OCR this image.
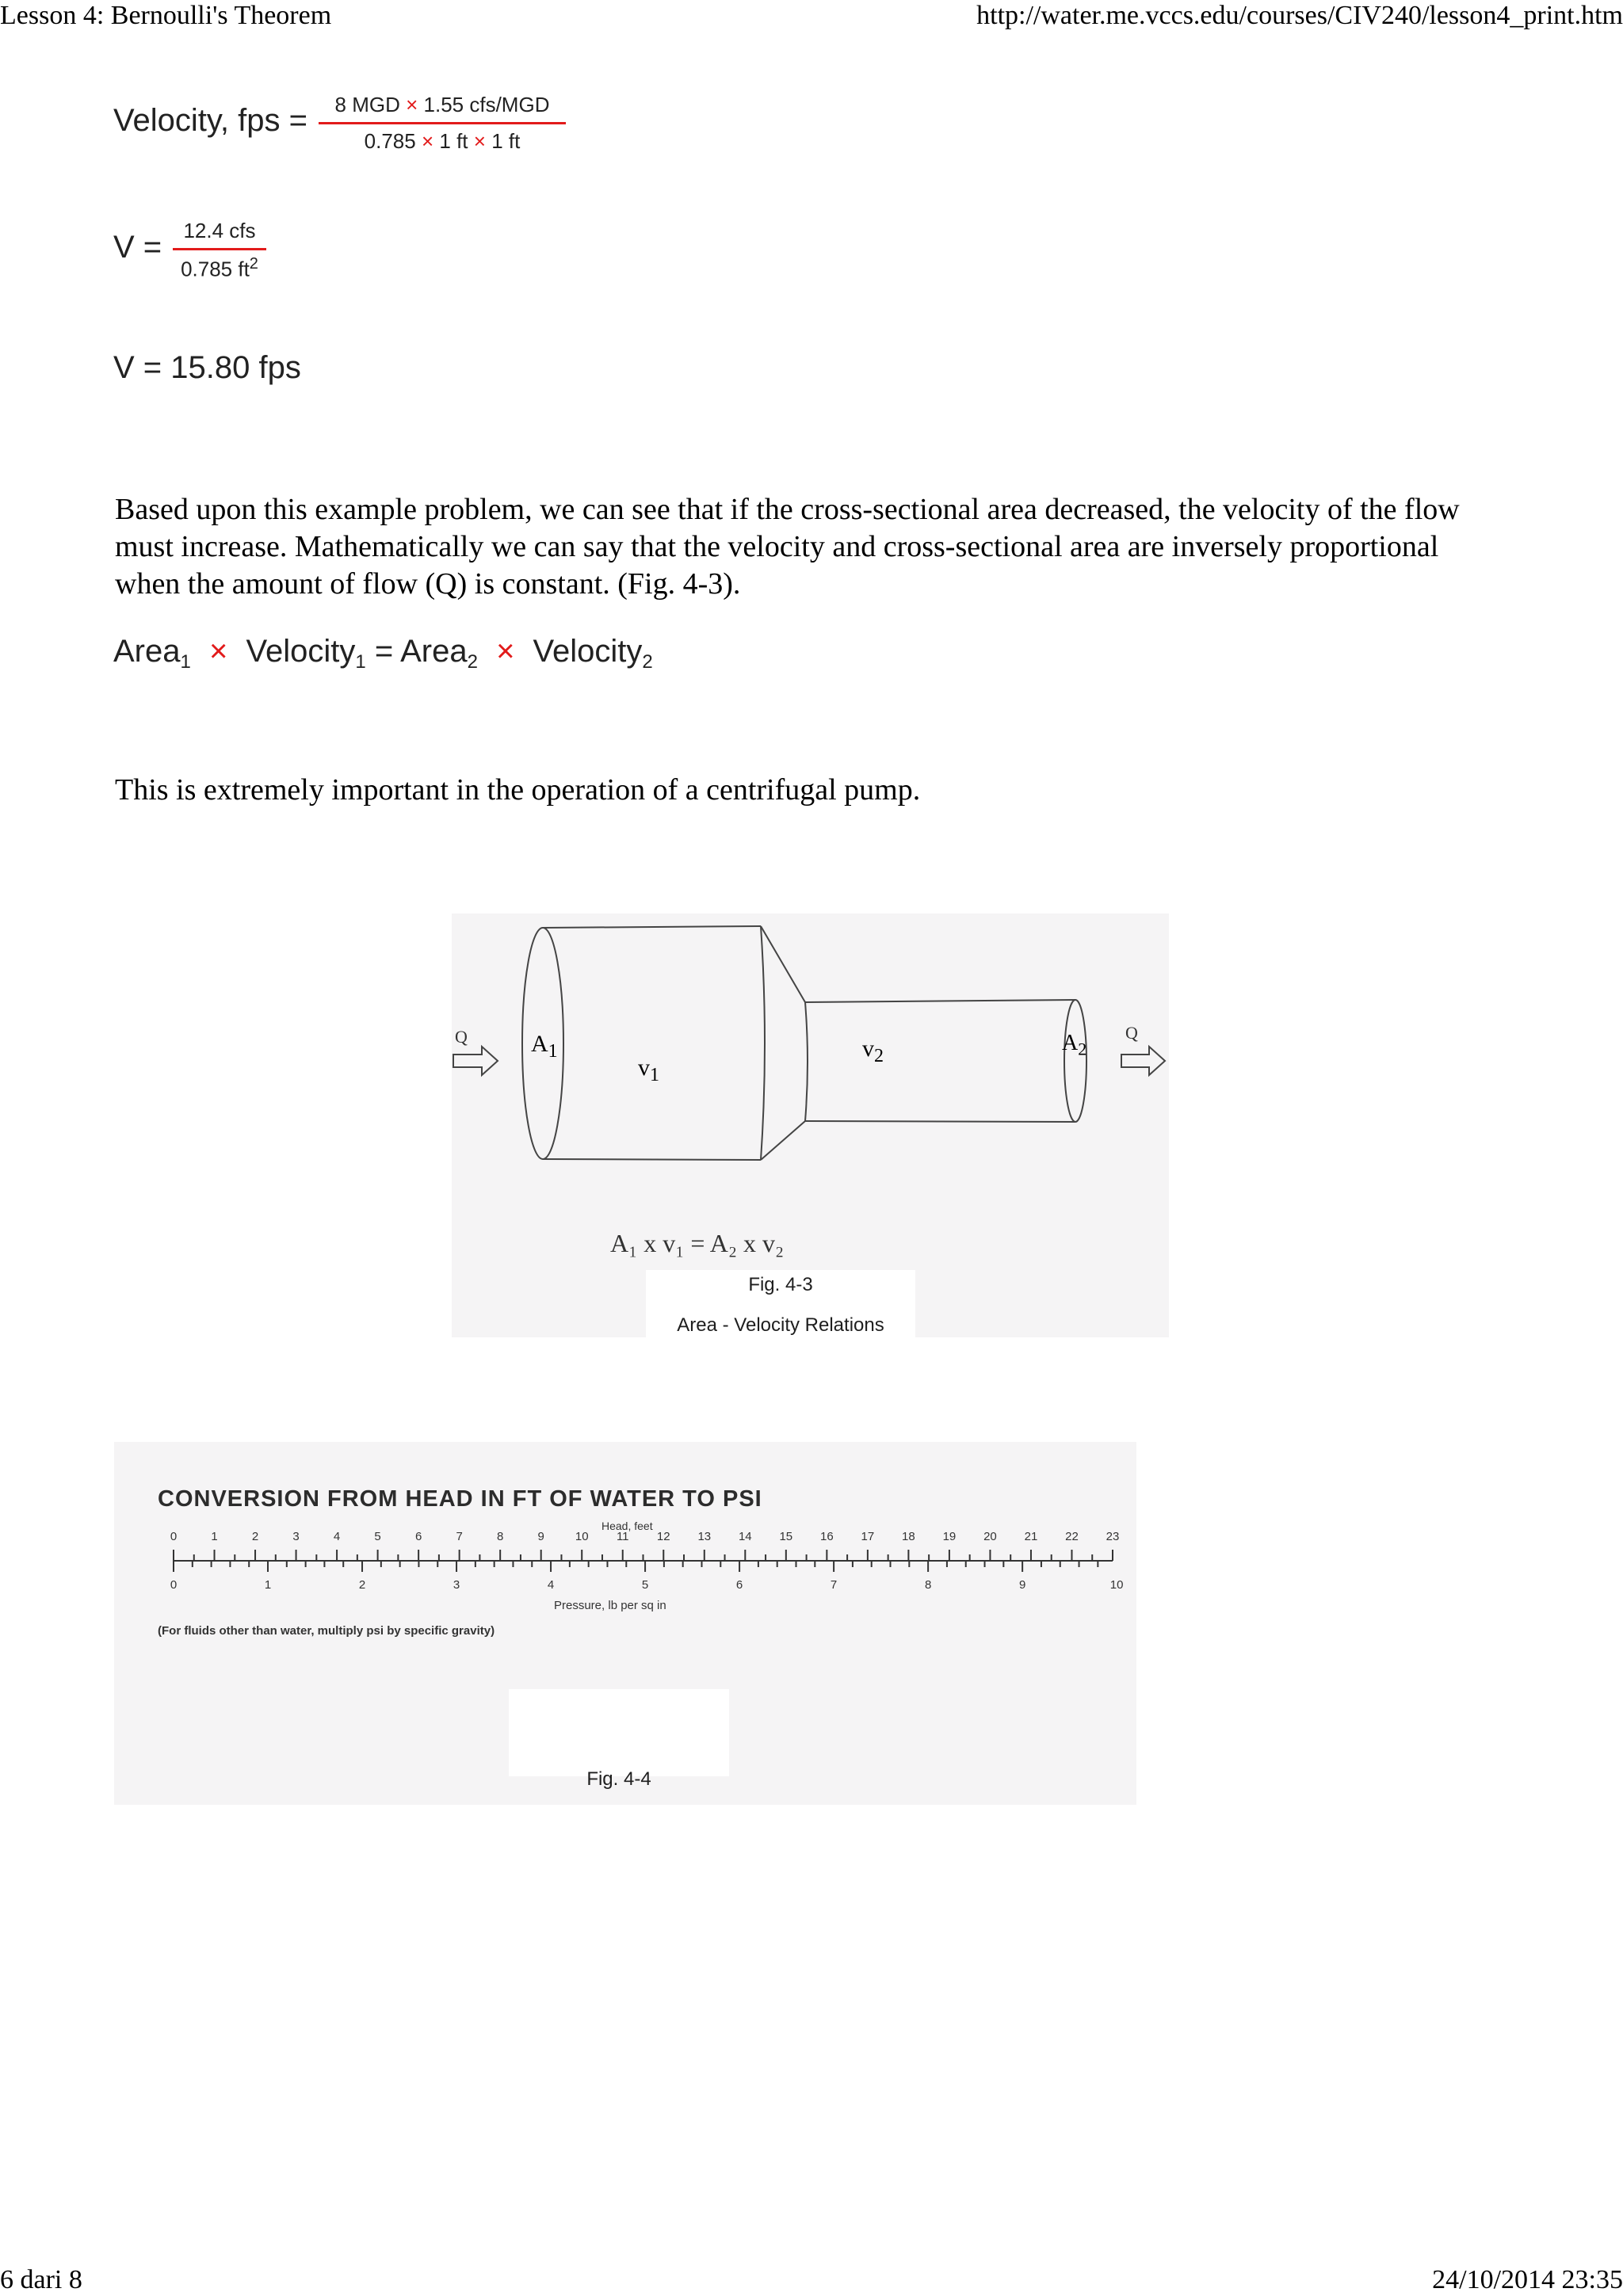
Lesson 4: Bernoulli's Theorem	http://water.me.vccs.edu/courses/CIV240/lesson4_print.htm
6 dari 8	24/10/2014 23:35
Velocity, fps =	8 MGD × 1.55 cfs/MGD
0.785 × 1 ft × 1 ft
V =	12.4 cfs
0.785 $ft^2$
V = 15.80 fps
Based upon this example problem, we can see that if the cross-sectional area decreased, the velocity of the flow must increase. Mathematically we can say that the velocity and cross-sectional area are inversely proportional when the amount of flow (Q) is constant. (Fig. 4-3).
Area$_1$ × Velocity$_1$ = Area$_2$ × Velocity$_2$
This is extremely important in the operation of a centrifugal pump.
Q	Q
$A_1$
$v_1$
$v_2$
$A_2$
A₁ x v₁ = A₂ x v₂
Fig. 4-3
Area - Velocity Relations
CONVERSION FROM HEAD IN FT OF WATER TO PSI
Head, feet
0	1	2	3	4	5	6	7	8	9	10	11	12	13	14	15	16	17	18	19	20	21	22	23
0	1	2	3	4	5	6	7	8	9	10
Pressure, lb per sq in
(For fluids other than water, multiply psi by specific gravity)
Fig. 4-4
